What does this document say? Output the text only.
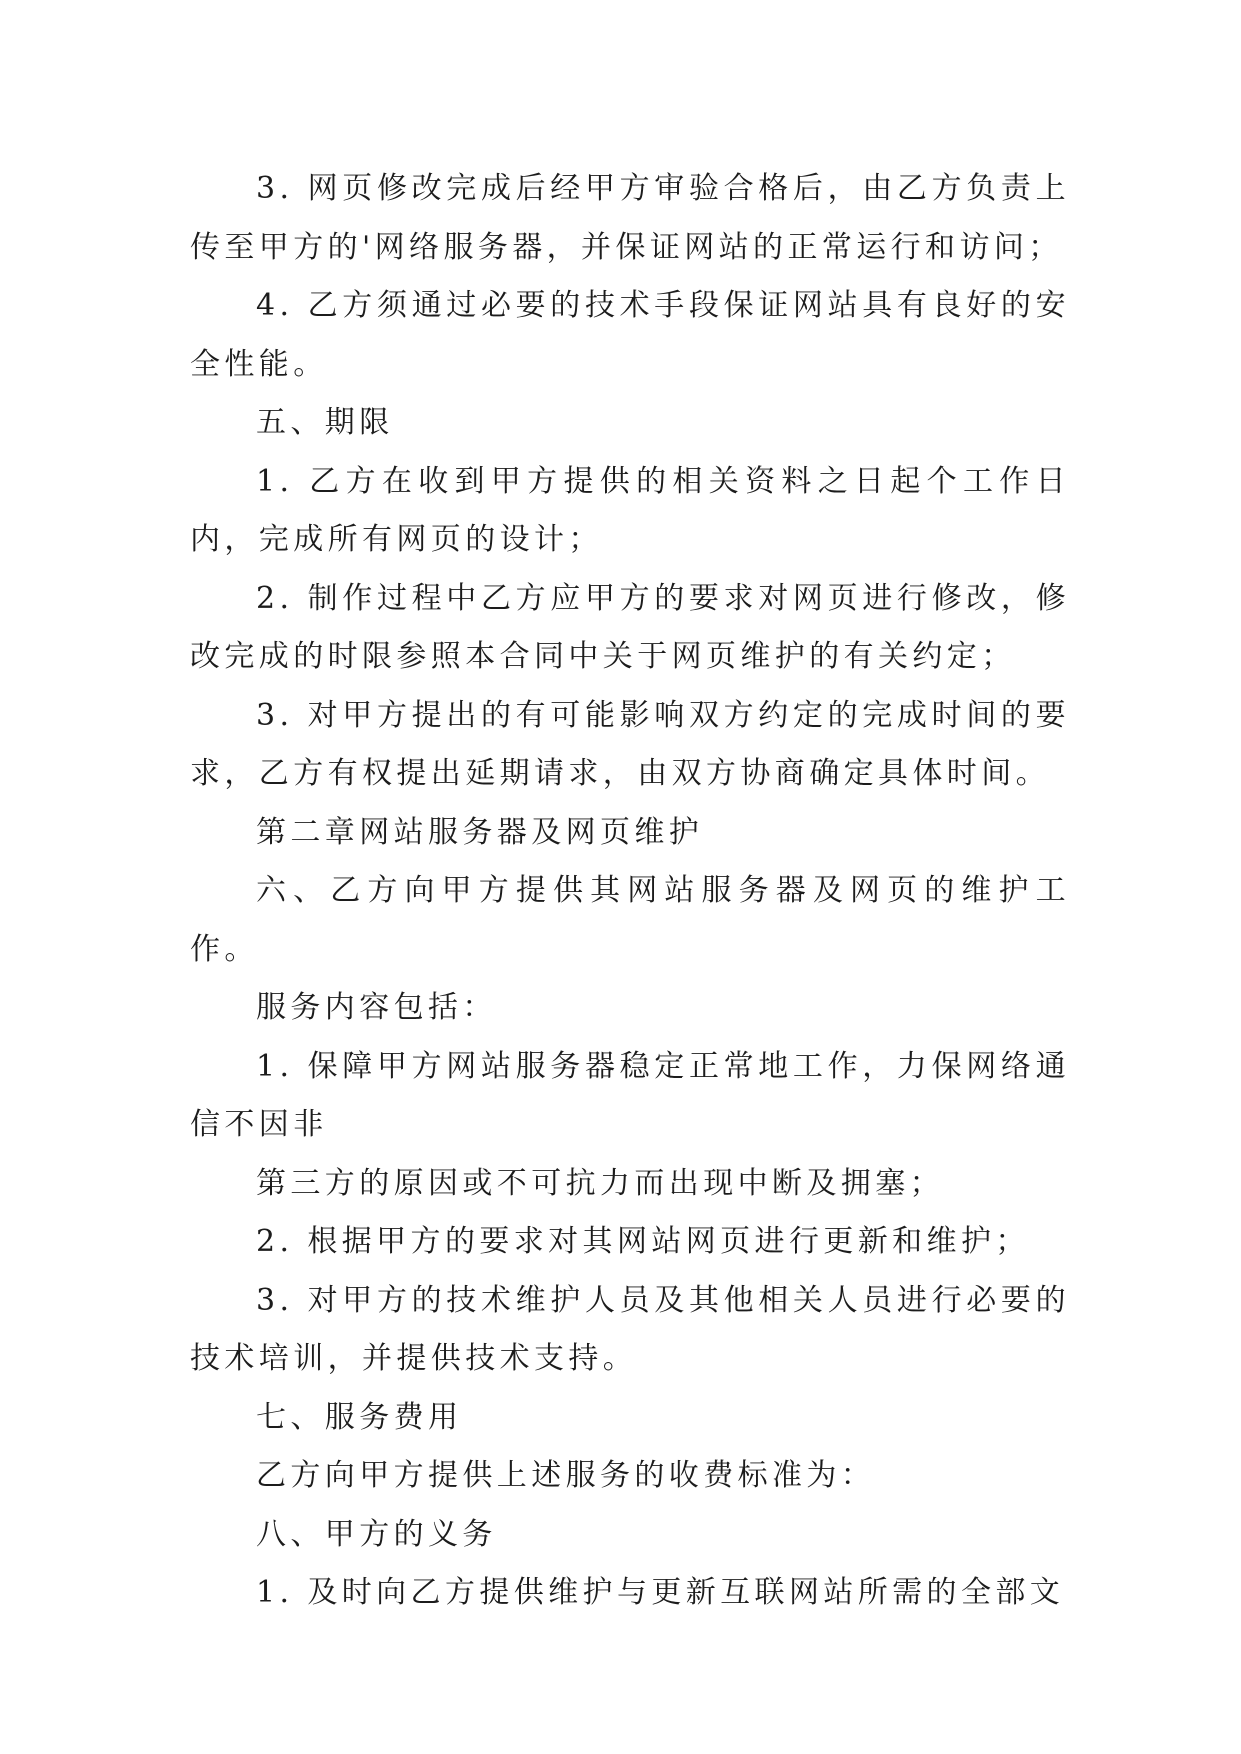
3. 网页修改完成后经甲方审验合格后，由乙方负责上传至甲方的'网络服务器，并保证网站的正常运行和访问；

4. 乙方须通过必要的技术手段保证网站具有良好的安全性能。

五、期限

1. 乙方在收到甲方提供的相关资料之日起个工作日内，完成所有网页的设计；

2. 制作过程中乙方应甲方的要求对网页进行修改，修改完成的时限参照本合同中关于网页维护的有关约定；

3. 对甲方提出的有可能影响双方约定的完成时间的要求，乙方有权提出延期请求，由双方协商确定具体时间。

第二章网站服务器及网页维护

六、乙方向甲方提供其网站服务器及网页的维护工作。

服务内容包括：

1. 保障甲方网站服务器稳定正常地工作，力保网络通信不因非

第三方的原因或不可抗力而出现中断及拥塞；

2. 根据甲方的要求对其网站网页进行更新和维护；

3. 对甲方的技术维护人员及其他相关人员进行必要的技术培训，并提供技术支持。

七、服务费用

乙方向甲方提供上述服务的收费标准为：

八、甲方的义务

1. 及时向乙方提供维护与更新互联网站所需的全部文
